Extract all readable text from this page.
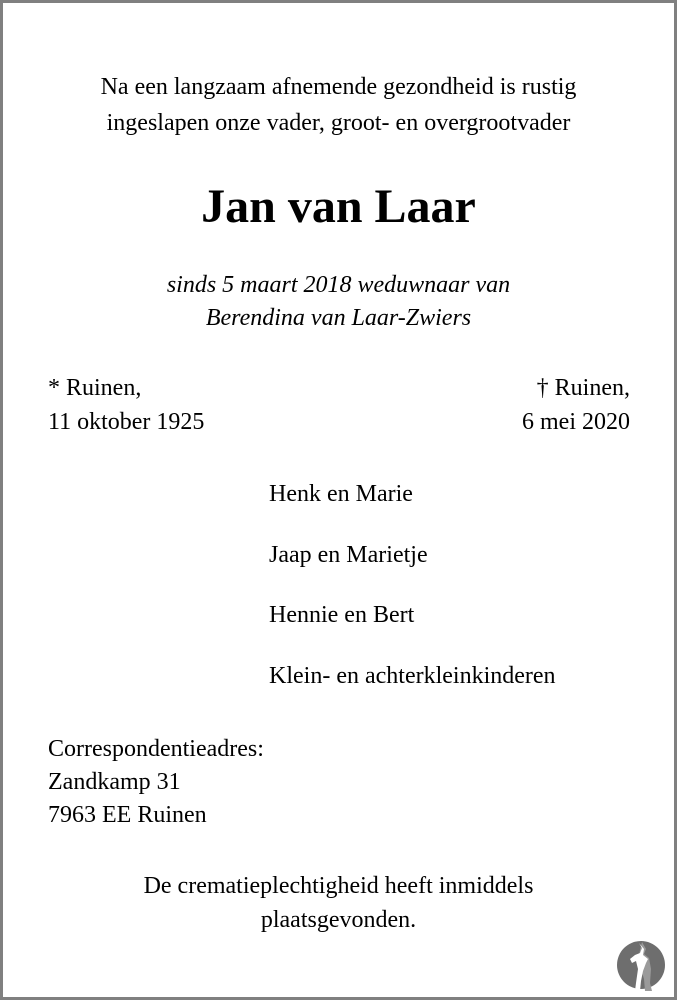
Na een langzaam afnemende gezondheid is rustig
ingeslapen onze vader, groot- en overgrootvader
Jan van Laar
sinds 5 maart 2018 weduwnaar van
Berendina van Laar-Zwiers
* Ruinen,
11 oktober 1925
† Ruinen,
6 mei 2020
Henk en Marie
Jaap en Marietje
Hennie en Bert
Klein- en achterkleinkinderen
Correspondentieadres:
Zandkamp 31
7963 EE Ruinen
De crematieplechtigheid heeft inmiddels
plaatsgevonden.
